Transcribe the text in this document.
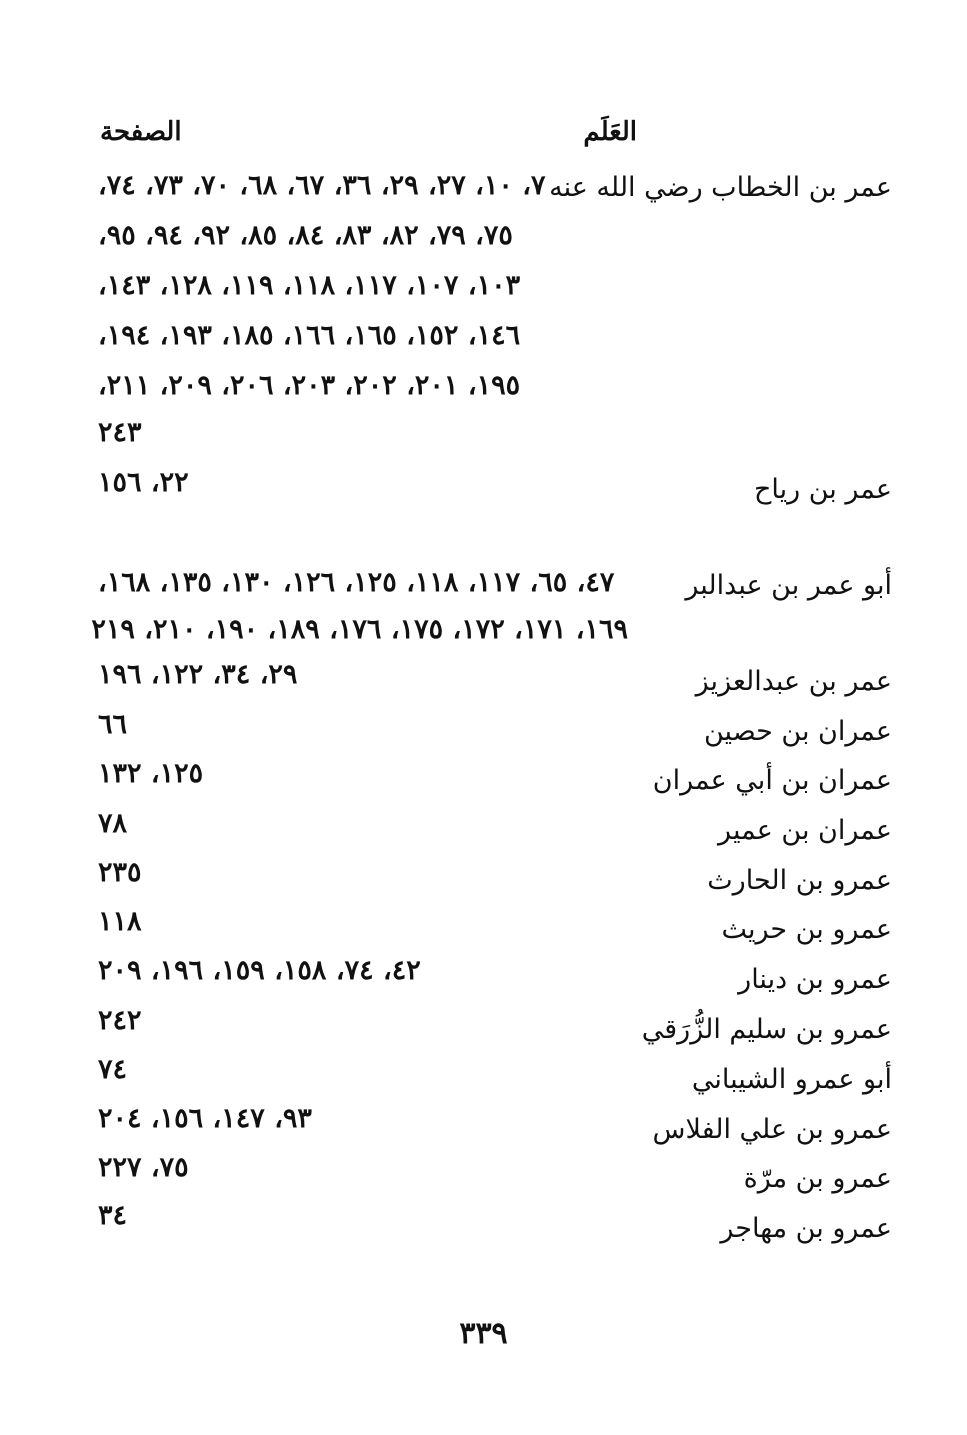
العَلَم
الصفحة
عمر بن الخطاب رضي الله عنه
٧، ١٠، ٢٧، ٢٩، ٣٦، ٦٧، ٦٨، ٧٠، ٧٣، ٧٤،
٧٥، ٧٩، ٨٢، ٨٣، ٨٤، ٨٥، ٩٢، ٩٤، ٩٥،
١٠٣، ١٠٧، ١١٧، ١١٨، ١١٩، ١٢٨، ١٤٣،
١٤٦، ١٥٢، ١٦٥، ١٦٦، ١٨٥، ١٩٣، ١٩٤،
١٩٥، ٢٠١، ٢٠٢، ٢٠٣، ٢٠٦، ٢٠٩، ٢١١،
٢٤٣
عمر بن رياح
٢٢، ١٥٦
أبو عمر بن عبدالبر
٤٧، ٦٥، ١١٧، ١١٨، ١٢٥، ١٢٦، ١٣٠، ١٣٥، ١٦٨،
١٦٩، ١٧١، ١٧٢، ١٧٥، ١٧٦، ١٨٩، ١٩٠، ٢١٠، ٢١٩
عمر بن عبدالعزيز
٢٩، ٣٤، ١٢٢، ١٩٦
عمران بن حصين
٦٦
عمران بن أبي عمران
١٢٥، ١٣٢
عمران بن عمير
٧٨
عمرو بن الحارث
٢٣٥
عمرو بن حريث
١١٨
عمرو بن دينار
٤٢، ٧٤، ١٥٨، ١٥٩، ١٩٦، ٢٠٩
عمرو بن سليم الزُّرَقي
٢٤٢
أبو عمرو الشيباني
٧٤
عمرو بن علي الفلاس
٩٣، ١٤٧، ١٥٦، ٢٠٤
عمرو بن مرّة
٧٥، ٢٢٧
عمرو بن مهاجر
٣٤
٣٣٩
